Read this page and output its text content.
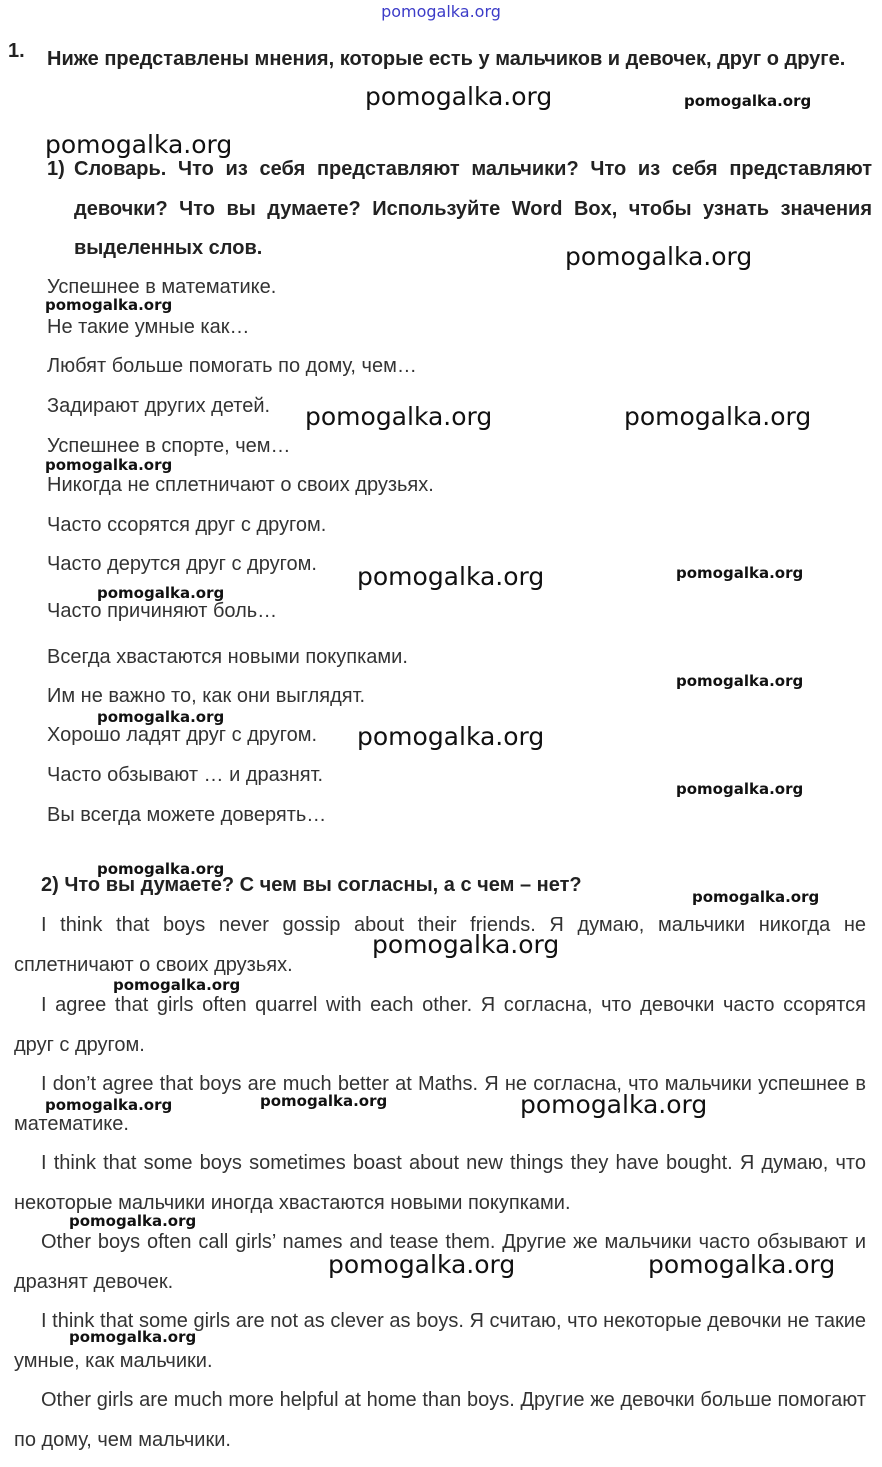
pomogalka.org
1. Ниже представлены мнения, которые есть у мальчиков и девочек, друг о друге.
1) Словарь. Что из себя представляют мальчики? Что из себя представляют девочки? Что вы думаете? Используйте Word Box, чтобы узнать значения выделенных слов.
Успешнее в математике.
Не такие умные как…
Любят больше помогать по дому, чем…
Задирают других детей.
Успешнее в спорте, чем…
Никогда не сплетничают о своих друзьях.
Часто ссорятся друг с другом.
Часто дерутся друг с другом.
Часто причиняют боль…
Всегда хвастаются новыми покупками.
Им не важно то, как они выглядят.
Хорошо ладят друг с другом.
Часто обзывают … и дразнят.
Вы всегда можете доверять…
2) Что вы думаете? С чем вы согласны, а с чем – нет?
I think that boys never gossip about their friends. Я думаю, мальчики никогда не сплетничают о своих друзьях.
I agree that girls often quarrel with each other. Я согласна, что девочки часто ссорятся друг с другом.
I don’t agree that boys are much better at Maths. Я не согласна, что мальчики успешнее в математике.
I think that some boys sometimes boast about new things they have bought. Я думаю, что некоторые мальчики иногда хвастаются новыми покупками.
Other boys often call girls’ names and tease them. Другие же мальчики часто обзывают и дразнят девочек.
I think that some girls are not as clever as boys. Я считаю, что некоторые девочки не такие умные, как мальчики.
Other girls are much more helpful at home than boys. Другие же девочки больше помогают по дому, чем мальчики.
pomogalka.org	pomogalka.org
pomogalka.org
pomogalka.org
pomogalka.org
pomogalka.org	pomogalka.org
pomogalka.org
pomogalka.org	pomogalka.org
pomogalka.org
pomogalka.org
pomogalka.org
pomogalka.org
pomogalka.org
pomogalka.org
pomogalka.org
pomogalka.org
pomogalka.org
pomogalka.org
pomogalka.org	pomogalka.org
pomogalka.org
pomogalka.org	pomogalka.org
pomogalka.org
